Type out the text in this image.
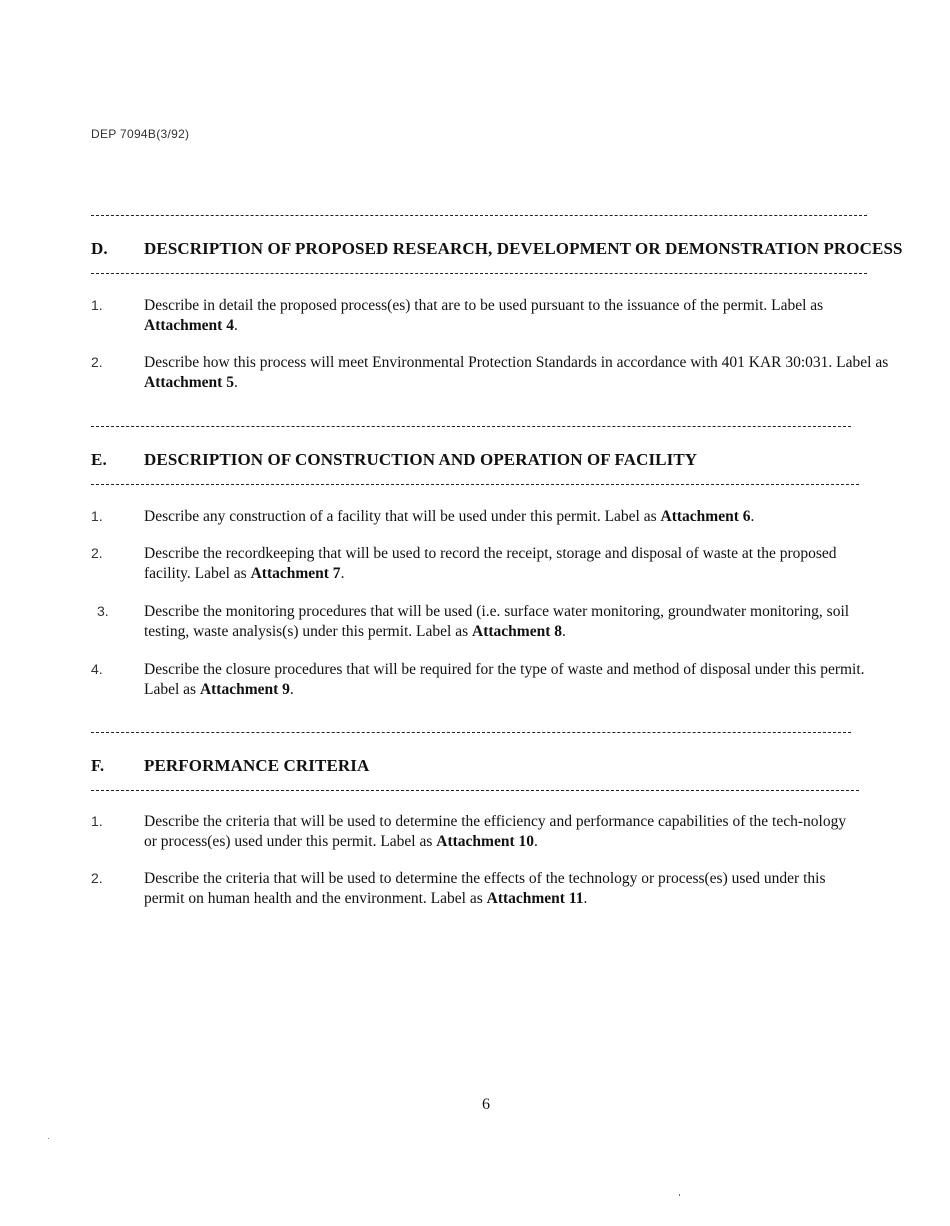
DEP 7094B(3/92)
D. DESCRIPTION OF PROPOSED RESEARCH, DEVELOPMENT OR DEMONSTRATION PROCESS
1.	Describe in detail the proposed process(es) that are to be used pursuant to the issuance of the permit. Label as Attachment 4.
2.	Describe how this process will meet Environmental Protection Standards in accordance with 401 KAR 30:031. Label as Attachment 5.
E. DESCRIPTION OF CONSTRUCTION AND OPERATION OF FACILITY
1.	Describe any construction of a facility that will be used under this permit. Label as Attachment 6.
2.	Describe the recordkeeping that will be used to record the receipt, storage and disposal of waste at the proposed facility. Label as Attachment 7.
3. Describe the monitoring procedures that will be used (i.e. surface water monitoring, groundwater monitoring, soil testing, waste analysis(s) under this permit. Label as Attachment 8.
4.	Describe the closure procedures that will be required for the type of waste and method of disposal under this permit. Label as Attachment 9.
F. PERFORMANCE CRITERIA
1.	Describe the criteria that will be used to determine the efficiency and performance capabilities of the tech-nology or process(es) used under this permit. Label as Attachment 10.
2.	Describe the criteria that will be used to determine the effects of the technology or process(es) used under this permit on human health and the environment. Label as Attachment 11.
6
